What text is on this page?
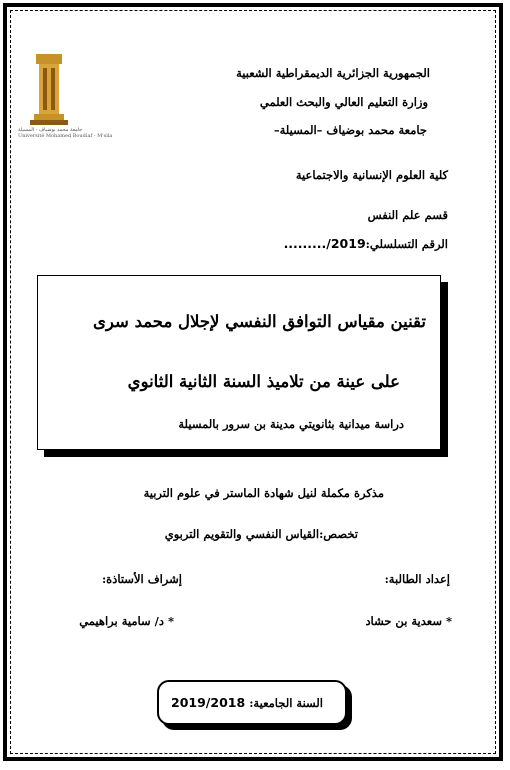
جامعة محمد بوضياف - المسيلة
Université Mohamed Boudiaf - M'sila
الجمهورية الجزائرية الديمقراطية الشعبية
وزارة التعليم العالي والبحث العلمي
جامعة محمد بوضياف –المسيلة–
كلية العلوم الإنسانية والاجتماعية
قسم علم النفس
الرقم التسلسلي:........./2019
تقنين مقياس التوافق النفسي لإجلال محمد سرى
على عينة من تلاميذ السنة الثانية الثانوي
دراسة ميدانية بثانويتي مدينة بن سرور بالمسيلة
مذكرة مكملة لنيل شهادة الماستر في علوم التربية
تخصص:القياس النفسي والتقويم التربوي
إعداد الطالبة:
إشراف الأستاذة:
* سعدية بن حشاد
* د/ سامية براهيمي
السنة الجامعية: 2019/2018
